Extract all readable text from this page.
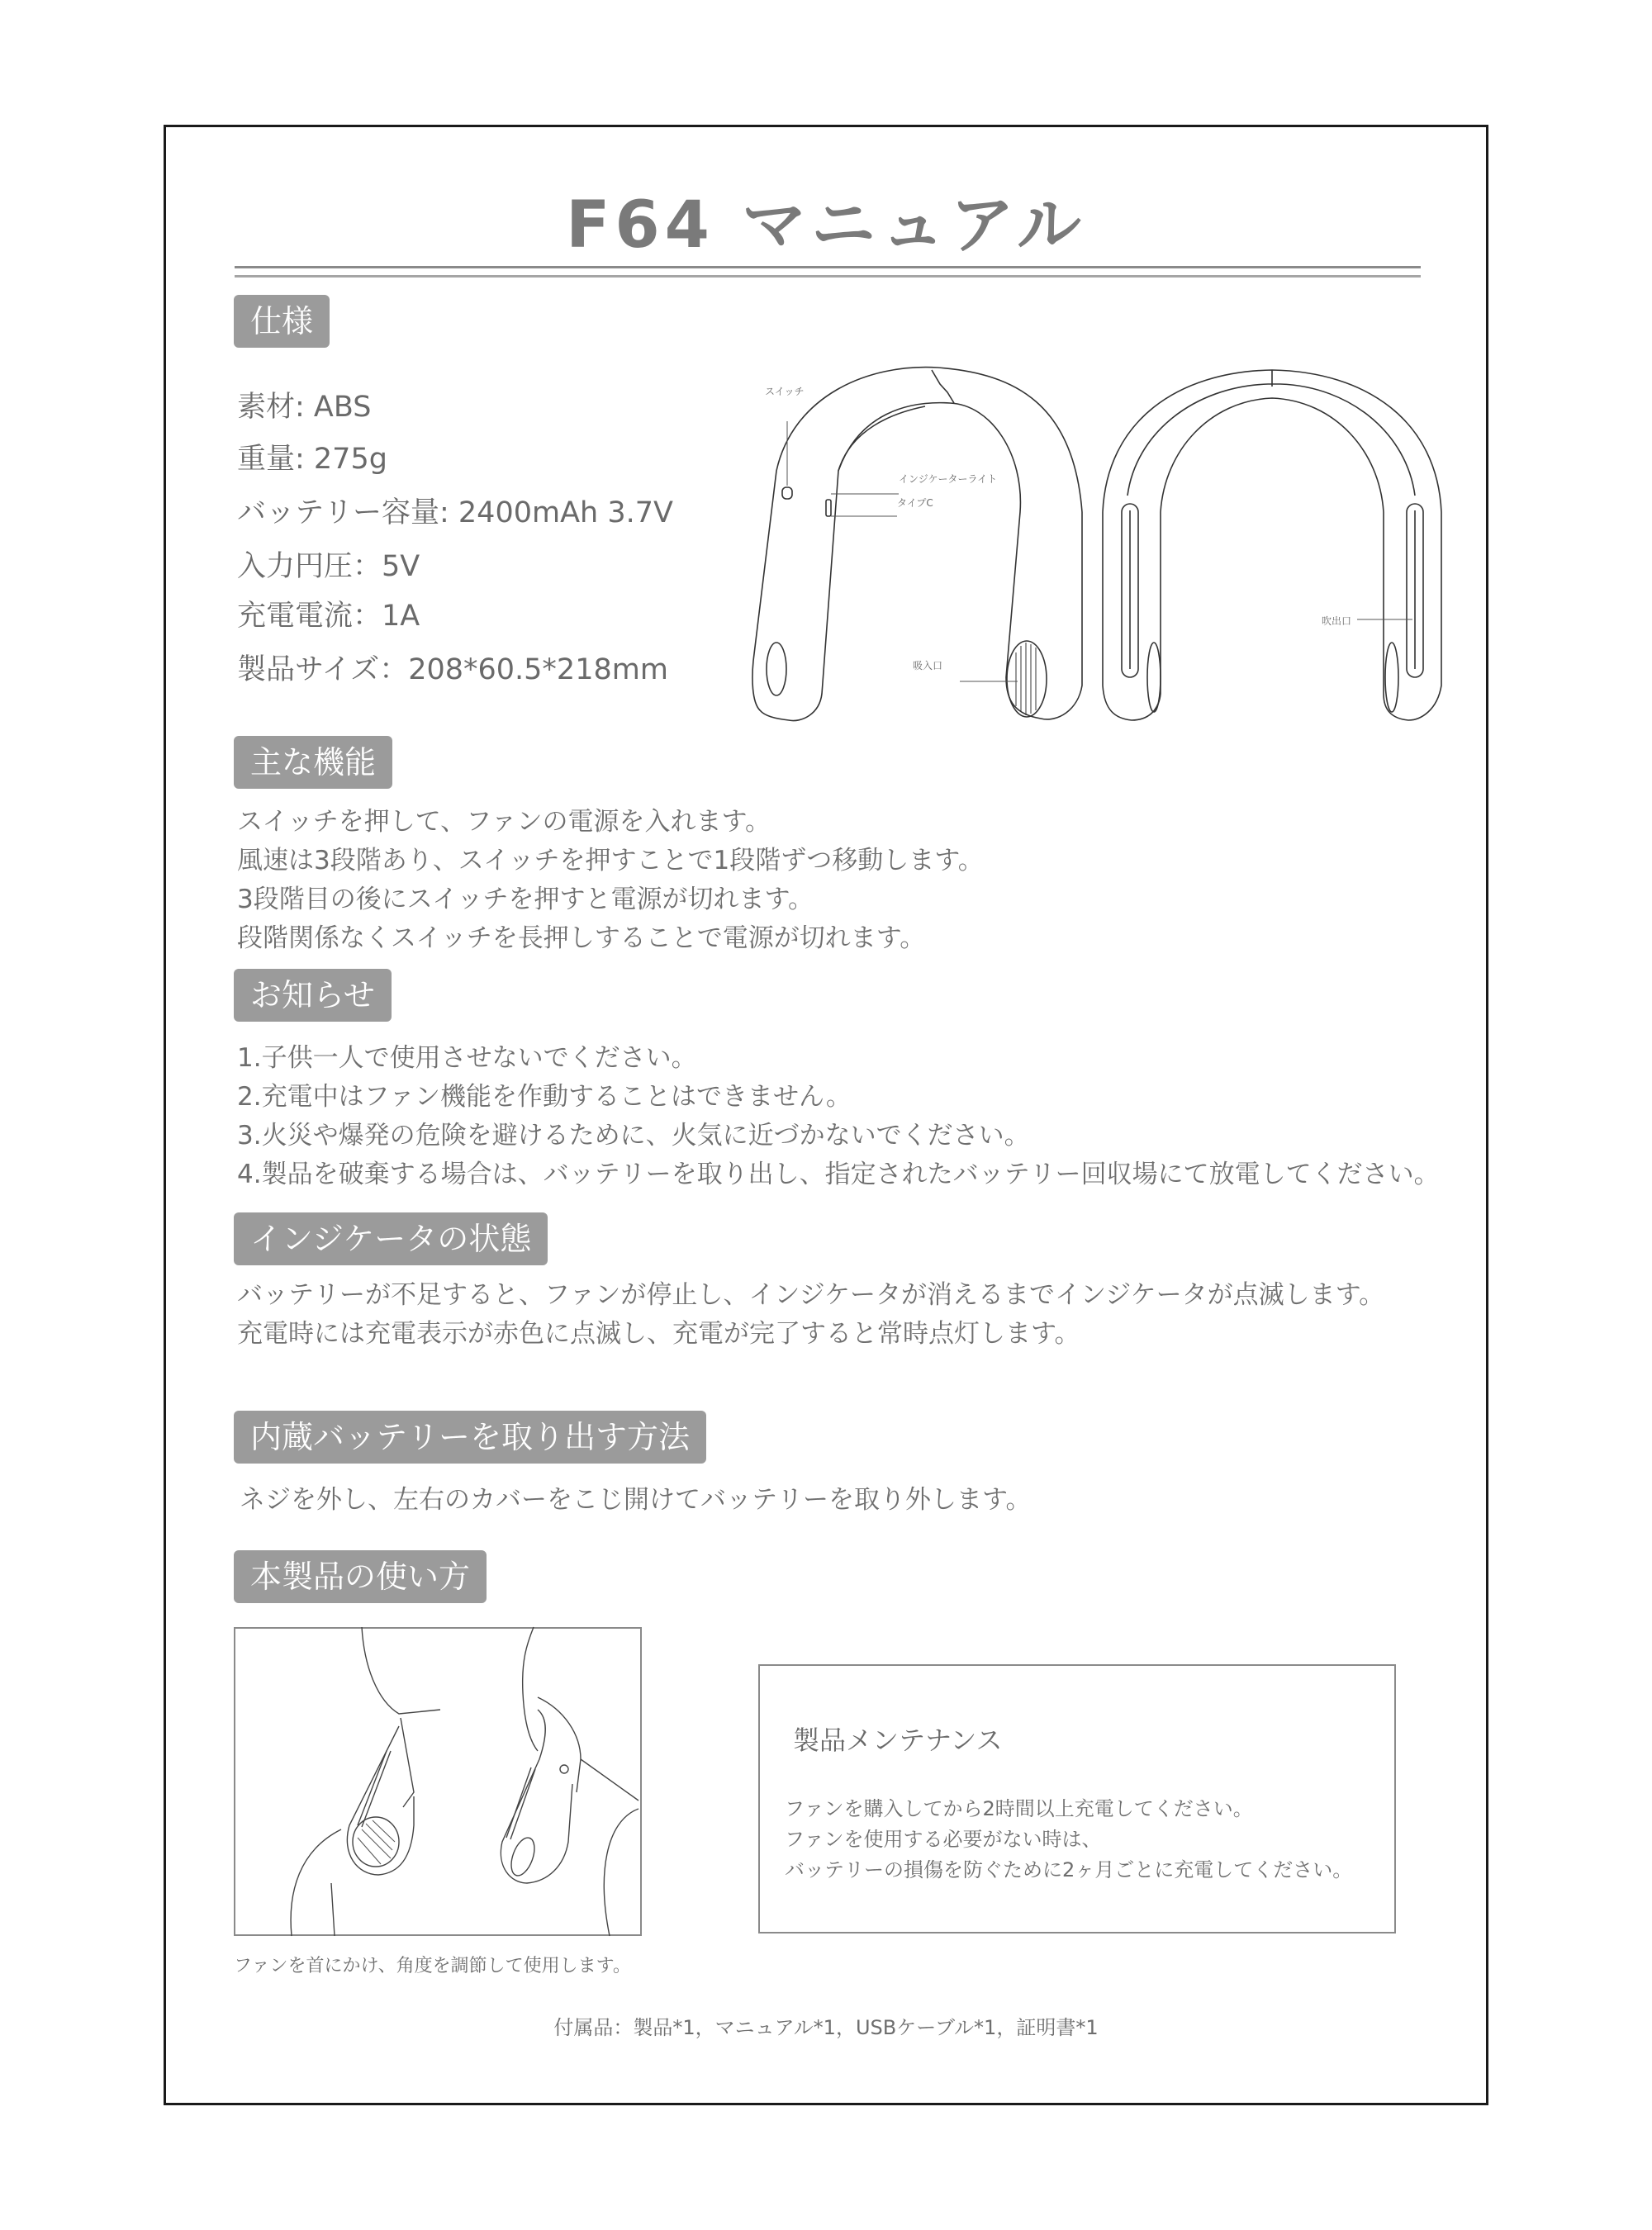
F64 マニュアル
仕様
素材: ABS
重量: 275g
バッテリー容量: 2400mAh 3.7V
入力円圧：5V
充電電流：1A
製品サイズ：208*60.5*218mm
スイッチ
インジケーターライト
タイプC
吸入口
吹出口
主な機能
スイッチを押して、ファンの電源を入れます。
風速は3段階あり、スイッチを押すことで1段階ずつ移動します。
3段階目の後にスイッチを押すと電源が切れます。
段階関係なくスイッチを長押しすることで電源が切れます。
お知らせ
1.子供一人で使用させないでください。
2.充電中はファン機能を作動することはできません。
3.火災や爆発の危険を避けるために、火気に近づかないでください。
4.製品を破棄する場合は、バッテリーを取り出し、指定されたバッテリー回収場にて放電してください。
インジケータの状態
バッテリーが不足すると、ファンが停止し、インジケータが消えるまでインジケータが点滅します。
充電時には充電表示が赤色に点滅し、充電が完了すると常時点灯します。
内蔵バッテリーを取り出す方法
ネジを外し、左右のカバーをこじ開けてバッテリーを取り外します。
本製品の使い方
ファンを首にかけ、角度を調節して使用します。
製品メンテナンス
ファンを購入してから2時間以上充電してください。
ファンを使用する必要がない時は、
バッテリーの損傷を防ぐために2ヶ月ごとに充電してください。
付属品：製品*1，マニュアル*1，USBケーブル*1，証明書*1
